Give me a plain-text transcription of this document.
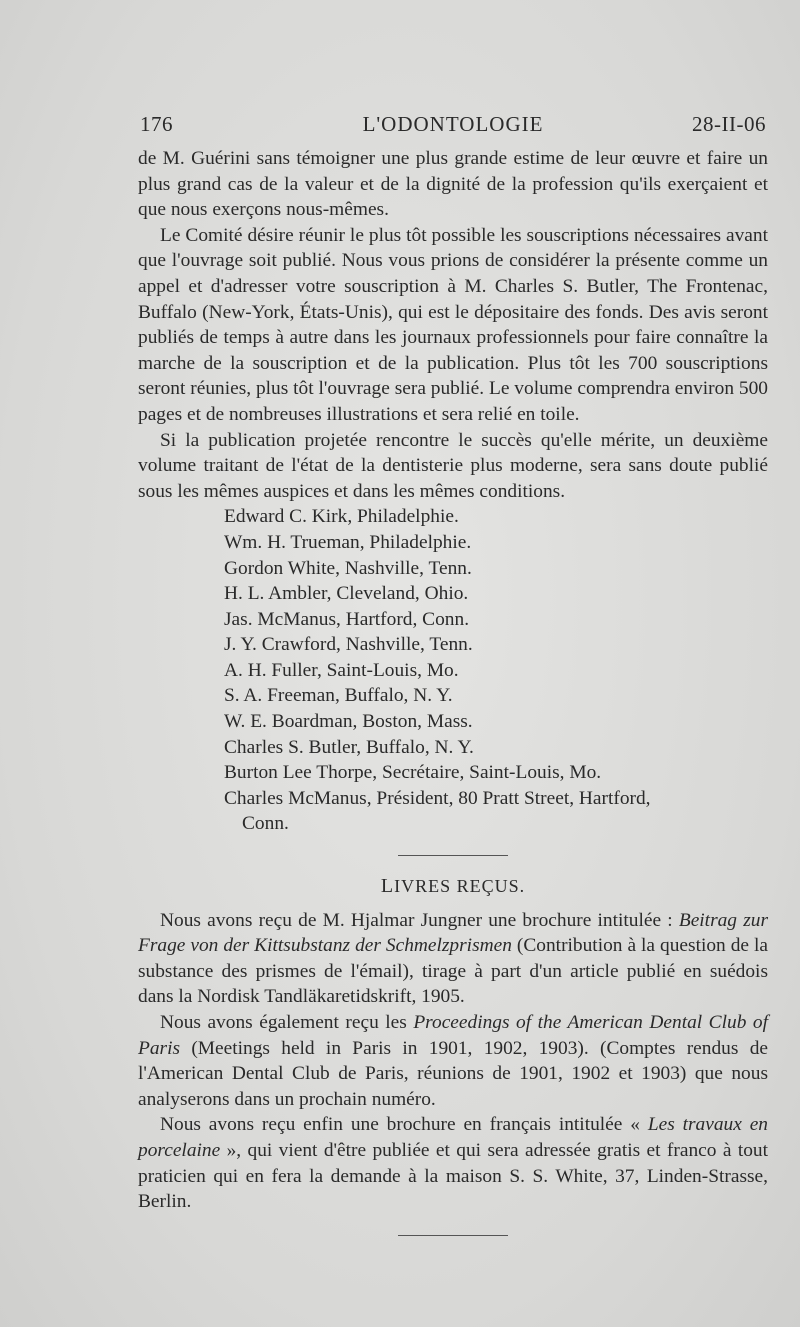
176	L'ODONTOLOGIE	28-II-06

de M. Guérini sans témoigner une plus grande estime de leur œuvre et faire un plus grand cas de la valeur et de la dignité de la profession qu'ils exerçaient et que nous exerçons nous-mêmes.

Le Comité désire réunir le plus tôt possible les souscriptions nécessaires avant que l'ouvrage soit publié. Nous vous prions de considérer la présente comme un appel et d'adresser votre souscription à M. Charles S. Butler, The Frontenac, Buffalo (New-York, États-Unis), qui est le dépositaire des fonds. Des avis seront publiés de temps à autre dans les journaux professionnels pour faire connaître la marche de la souscription et de la publication. Plus tôt les 700 souscriptions seront réunies, plus tôt l'ouvrage sera publié. Le volume comprendra environ 500 pages et de nombreuses illustrations et sera relié en toile.

Si la publication projetée rencontre le succès qu'elle mérite, un deuxième volume traitant de l'état de la dentisterie plus moderne, sera sans doute publié sous les mêmes auspices et dans les mêmes conditions.

Edward C. Kirk, Philadelphie.
Wm. H. Trueman, Philadelphie.
Gordon White, Nashville, Tenn.
H. L. Ambler, Cleveland, Ohio.
Jas. McManus, Hartford, Conn.
J. Y. Crawford, Nashville, Tenn.
A. H. Fuller, Saint-Louis, Mo.
S. A. Freeman, Buffalo, N. Y.
W. E. Boardman, Boston, Mass.
Charles S. Butler, Buffalo, N. Y.
Burton Lee Thorpe, Secrétaire, Saint-Louis, Mo.
Charles McManus, Président, 80 Pratt Street, Hartford,
Conn.
LIVRES REÇUS.

Nous avons reçu de M. Hjalmar Jungner une brochure intitulée : Beitrag zur Frage von der Kittsubstanz der Schmelzprismen (Contribution à la question de la substance des prismes de l'émail), tirage à part d'un article publié en suédois dans la Nordisk Tandläkaretidskrift, 1905.

Nous avons également reçu les Proceedings of the American Dental Club of Paris (Meetings held in Paris in 1901, 1902, 1903). (Comptes rendus de l'American Dental Club de Paris, réunions de 1901, 1902 et 1903) que nous analyserons dans un prochain numéro.

Nous avons reçu enfin une brochure en français intitulée « Les travaux en porcelaine », qui vient d'être publiée et qui sera adressée gratis et franco à tout praticien qui en fera la demande à la maison S. S. White, 37, Linden-Strasse, Berlin.
